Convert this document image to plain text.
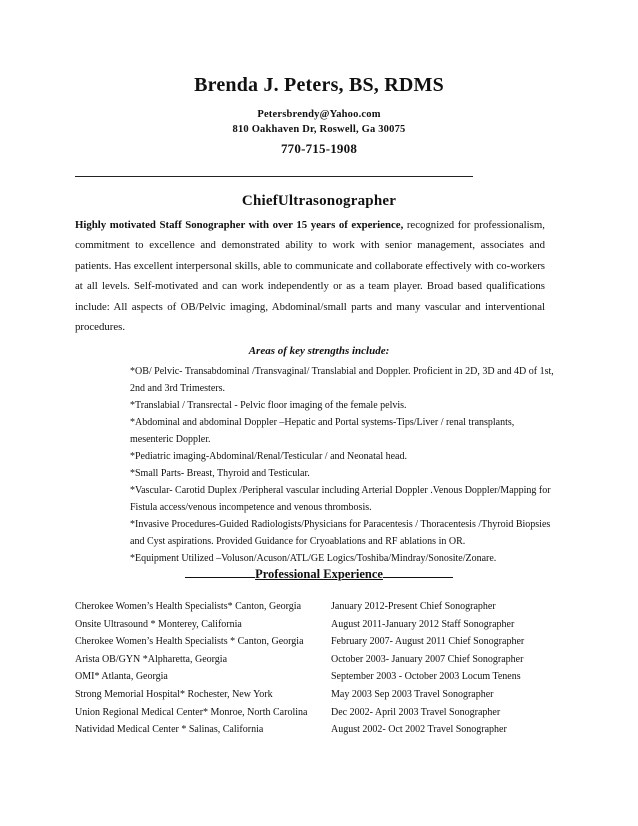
Brenda J. Peters, BS, RDMS
Petersbrendy@Yahoo.com
810 Oakhaven Dr, Roswell, Ga 30075
770-715-1908
ChiefUltrasonographer
Highly motivated Staff Sonographer with over 15 years of experience, recognized for professionalism, commitment to excellence and demonstrated ability to work with senior management, associates and patients. Has excellent interpersonal skills, able to communicate and collaborate effectively with co-workers at all levels. Self-motivated and can work independently or as a team player. Broad based qualifications include: All aspects of OB/Pelvic imaging, Abdominal/small parts and many vascular and interventional procedures.
Areas of key strengths include:
*OB/ Pelvic- Transabdominal /Transvaginal/ Translabial and Doppler. Proficient in 2D, 3D and 4D of 1st, 2nd and 3rd Trimesters.
*Translabial / Transrectal - Pelvic floor imaging of the female pelvis.
*Abdominal and abdominal Doppler –Hepatic and Portal systems-Tips/Liver / renal transplants, mesenteric Doppler.
*Pediatric imaging-Abdominal/Renal/Testicular / and Neonatal head.
*Small Parts- Breast, Thyroid and Testicular.
*Vascular- Carotid Duplex /Peripheral vascular including Arterial Doppler .Venous Doppler/Mapping for Fistula access/venous incompetence and venous thrombosis.
*Invasive Procedures-Guided Radiologists/Physicians for Paracentesis / Thoracentesis /Thyroid Biopsies and Cyst aspirations. Provided Guidance for Cryoablations and RF ablations in OR.
*Equipment Utilized –Voluson/Acuson/ATL/GE Logics/Toshiba/Mindray/Sonosite/Zonare.
Professional Experience
Cherokee Women’s Health Specialists* Canton, Georgia	January 2012-Present Chief Sonographer
Onsite Ultrasound * Monterey, California	August 2011-January 2012 Staff Sonographer
Cherokee Women’s Health Specialists * Canton, Georgia	February 2007- August 2011 Chief Sonographer
Arista OB/GYN *Alpharetta, Georgia	October 2003- January 2007 Chief Sonographer
OMI* Atlanta, Georgia	September 2003 - October 2003 Locum Tenens
Strong Memorial Hospital* Rochester, New York	May 2003 Sep 2003 Travel Sonographer
Union Regional Medical Center* Monroe, North Carolina Dec 2002- April 2003 Travel Sonographer
Natividad Medical Center * Salinas, California	August 2002- Oct 2002 Travel Sonographer
